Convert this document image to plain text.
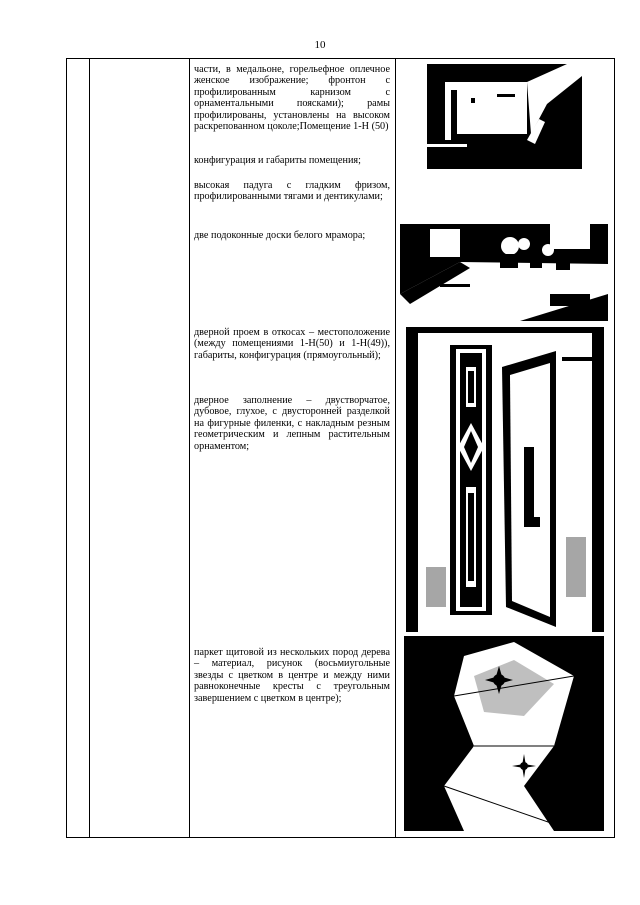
10
части, в медальоне, горельефное оплечное женское изображение; фронтон с профилированным карнизом с орнаментальными поясками); рамы профилированы, установлены на высоком раскрепованном цоколе;Помещение 1-Н (50)
конфигурация и габариты помещения;
высокая падуга с гладким фризом, профилированными тягами и дентикулами;
две подоконные доски белого мрамора;
дверной проем в откосах – местоположение (между помещениями 1-Н(50) и 1-Н(49)), габариты, конфигурация (прямоугольный);
дверное заполнение – двустворчатое, дубовое, глухое, с двусторонней разделкой на фигурные филенки, с накладным резным геометрическим и лепным растительным орнаментом;
паркет щитовой из нескольких пород дерева – материал, рисунок (восьмиугольные звезды с цветком в центре и между ними равноконечные кресты с треугольным завершением с цветком в центре);
